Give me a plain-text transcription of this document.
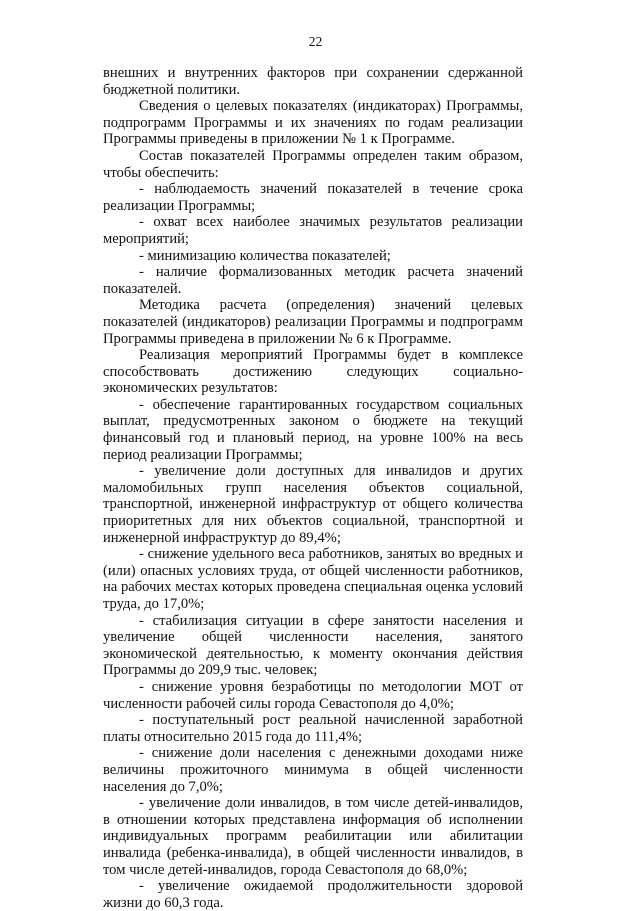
22

внешних и внутренних факторов при сохранении сдержанной бюджетной политики.

Сведения о целевых показателях (индикаторах) Программы, подпрограмм Программы и их значениях по годам реализации Программы приведены в приложении № 1 к Программе.

Состав показателей Программы определен таким образом, чтобы обеспечить:

- наблюдаемость значений показателей в течение срока реализации Программы;

- охват всех наиболее значимых результатов реализации мероприятий;

- минимизацию количества показателей;

- наличие формализованных методик расчета значений показателей.

Методика расчета (определения) значений целевых показателей (индикаторов) реализации Программы и подпрограмм Программы приведена в приложении № 6 к Программе.

Реализация мероприятий Программы будет в комплексе способствовать достижению следующих социально-экономических результатов:

- обеспечение гарантированных государством социальных выплат, предусмотренных законом о бюджете на текущий финансовый год и плановый период, на уровне 100% на весь период реализации Программы;

- увеличение доли доступных для инвалидов и других маломобильных групп населения объектов социальной, транспортной, инженерной инфраструктур от общего количества приоритетных для них объектов социальной, транспортной и инженерной инфраструктур до 89,4%;

- снижение удельного веса работников, занятых во вредных и (или) опасных условиях труда, от общей численности работников, на рабочих местах которых проведена специальная оценка условий труда, до 17,0%;

- стабилизация ситуации в сфере занятости населения и увеличение общей численности населения, занятого экономической деятельностью, к моменту окончания действия Программы до 209,9 тыс. человек;

- снижение уровня безработицы по методологии МОТ от численности рабочей силы города Севастополя до 4,0%;

- поступательный рост реальной начисленной заработной платы относительно 2015 года до 111,4%;

- снижение доли населения с денежными доходами ниже величины прожиточного минимума в общей численности населения до 7,0%;

- увеличение доли инвалидов, в том числе детей-инвалидов, в отношении которых представлена информация об исполнении индивидуальных программ реабилитации или абилитации инвалида (ребенка-инвалида), в общей численности инвалидов, в том числе детей-инвалидов, города Севастополя до 68,0%;

- увеличение ожидаемой продолжительности здоровой жизни до 60,3 года.
